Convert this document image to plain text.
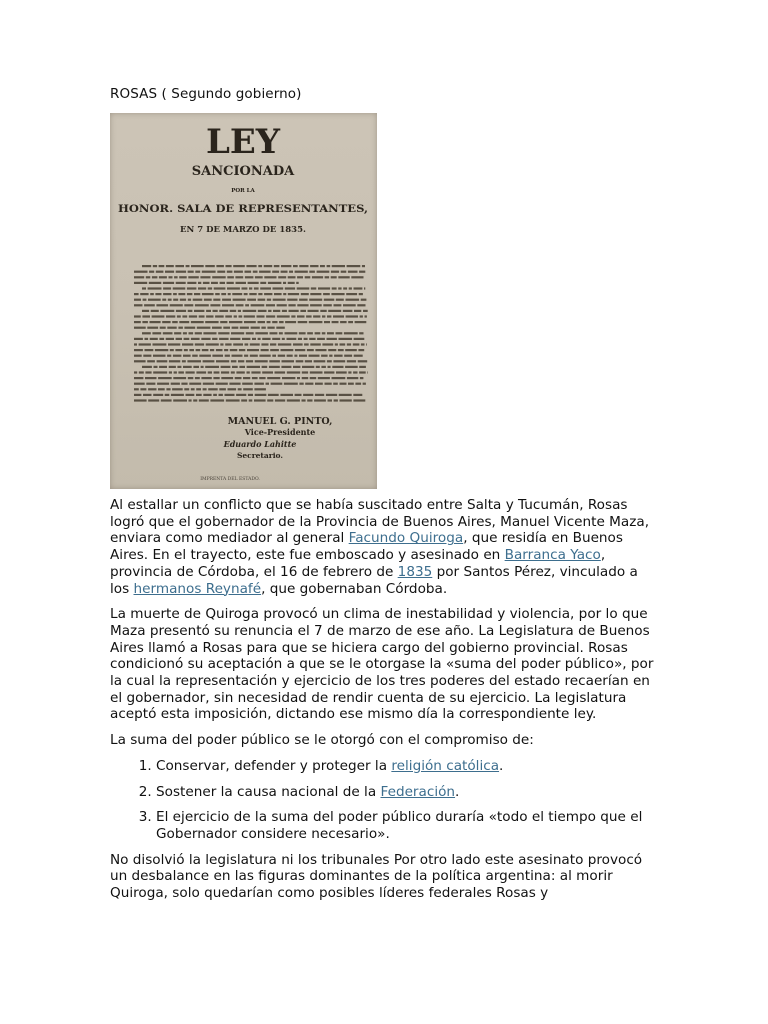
ROSAS ( Segundo gobierno)
LEY
SANCIONADA
POR LA
HONOR. SALA DE REPRESENTANTES,
EN 7 DE MARZO DE 1835.
MANUEL G. PINTO,
Vice-Presidente
Eduardo Lahitte
Secretario.
IMPRENTA DEL ESTADO.

Al estallar un conflicto que se había suscitado entre Salta y Tucumán, Rosas logró que el gobernador de la Provincia de Buenos Aires, Manuel Vicente Maza, enviara como mediador al general Facundo Quiroga, que residía en Buenos Aires. En el trayecto, este fue emboscado y asesinado en Barranca Yaco, provincia de Córdoba, el 16 de febrero de 1835 por Santos Pérez, vinculado a los hermanos Reynafé, que gobernaban Córdoba.

La muerte de Quiroga provocó un clima de inestabilidad y violencia, por lo que Maza presentó su renuncia el 7 de marzo de ese año. La Legislatura de Buenos Aires llamó a Rosas para que se hiciera cargo del gobierno provincial. Rosas condicionó su aceptación a que se le otorgase la «suma del poder público», por la cual la representación y ejercicio de los tres poderes del estado recaerían en el gobernador, sin necesidad de rendir cuenta de su ejercicio. La legislatura aceptó esta imposición, dictando ese mismo día la correspondiente ley.

La suma del poder público se le otorgó con el compromiso de:

1. Conservar, defender y proteger la religión católica.
2. Sostener la causa nacional de la Federación.
3. El ejercicio de la suma del poder público duraría «todo el tiempo que el Gobernador considere necesario».

No disolvió la legislatura ni los tribunales Por otro lado este asesinato provocó un desbalance en las figuras dominantes de la política argentina: al morir Quiroga, solo quedarían como posibles líderes federales Rosas y
